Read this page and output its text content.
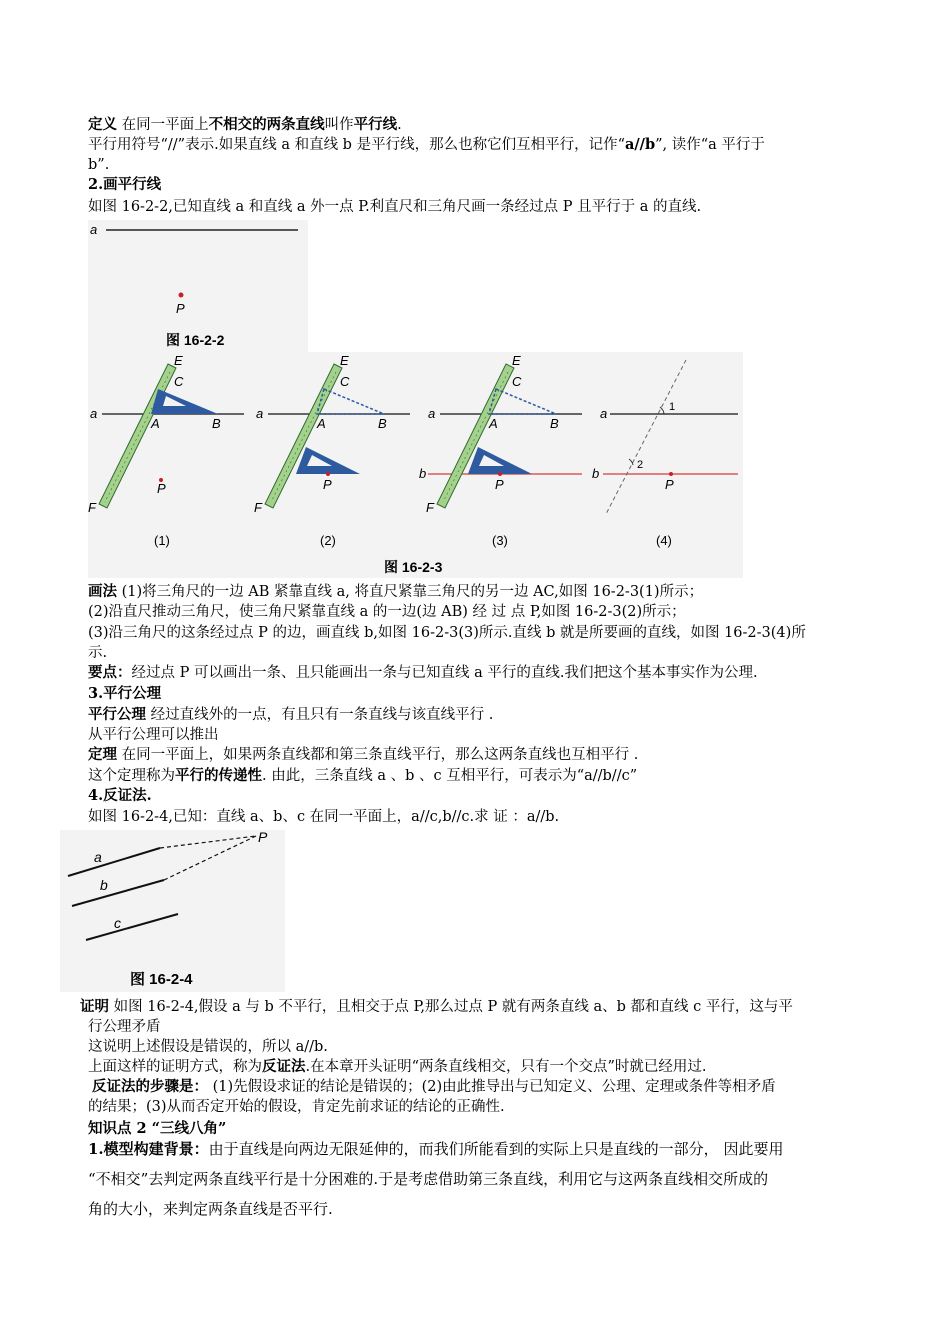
定义 在同一平面上不相交的两条直线叫作平行线.
平行用符号“//”表示.如果直线 a 和直线 b 是平行线，那么也称它们互相平行，记作“a//b”, 读作“a 平行于
b”.
2.画平行线
如图 16-2-2,已知直线 a 和直线 a 外一点 P.利直尺和三角尺画一条经过点 P 且平行于 a 的直线.
a
P
图 16-2-2
E
C
a
A	B
P
F
(1)
E
C
a
A	B
P
F
(2)
E
C
a
b
A	B
P
F
(3)
a
b
1
2
P
(4)
图 16-2-3
画法 (1)将三角尺的一边 AB 紧靠直线 a, 将直尺紧靠三角尺的另一边 AC,如图 16-2-3(1)所示；
(2)沿直尺推动三角尺，使三角尺紧靠直线 a 的一边(边 AB) 经 过 点 P,如图 16-2-3(2)所示；
(3)沿三角尺的这条经过点 P 的边，画直线 b,如图 16-2-3(3)所示.直线 b 就是所要画的直线，如图 16-2-3(4)所
示.
要点：经过点 P 可以画出一条、且只能画出一条与已知直线 a 平行的直线.我们把这个基本事实作为公理.
3.平行公理
平行公理 经过直线外的一点，有且只有一条直线与该直线平行 .
从平行公理可以推出
定理 在同一平面上，如果两条直线都和第三条直线平行，那么这两条直线也互相平行 .
这个定理称为平行的传递性. 由此，三条直线 a 、b 、c 互相平行，可表示为“a//b//c”
4.反证法.
如图 16-2-4,已知：直线 a、b、c 在同一平面上，a//c,b//c.求 证 ：a//b.
a
b
c
P
图 16-2-4
证明 如图 16-2-4,假设 a 与 b 不平行，且相交于点 P,那么过点 P 就有两条直线 a、b 都和直线 c 平行，这与平
行公理矛盾
这说明上述假设是错误的，所以 a//b.
上面这样的证明方式，称为反证法.在本章开头证明“两条直线相交，只有一个交点”时就已经用过.
反证法的步骤是： (1)先假设求证的结论是错误的；(2)由此推导出与已知定义、公理、定理或条件等相矛盾
的结果；(3)从而否定开始的假设，肯定先前求证的结论的正确性.
知识点 2 “三线八角”
1.模型构建背景：由于直线是向两边无限延伸的，而我们所能看到的实际上只是直线的一部分， 因此要用
“不相交”去判定两条直线平行是十分困难的.于是考虑借助第三条直线，利用它与这两条直线相交所成的
角的大小，来判定两条直线是否平行.
